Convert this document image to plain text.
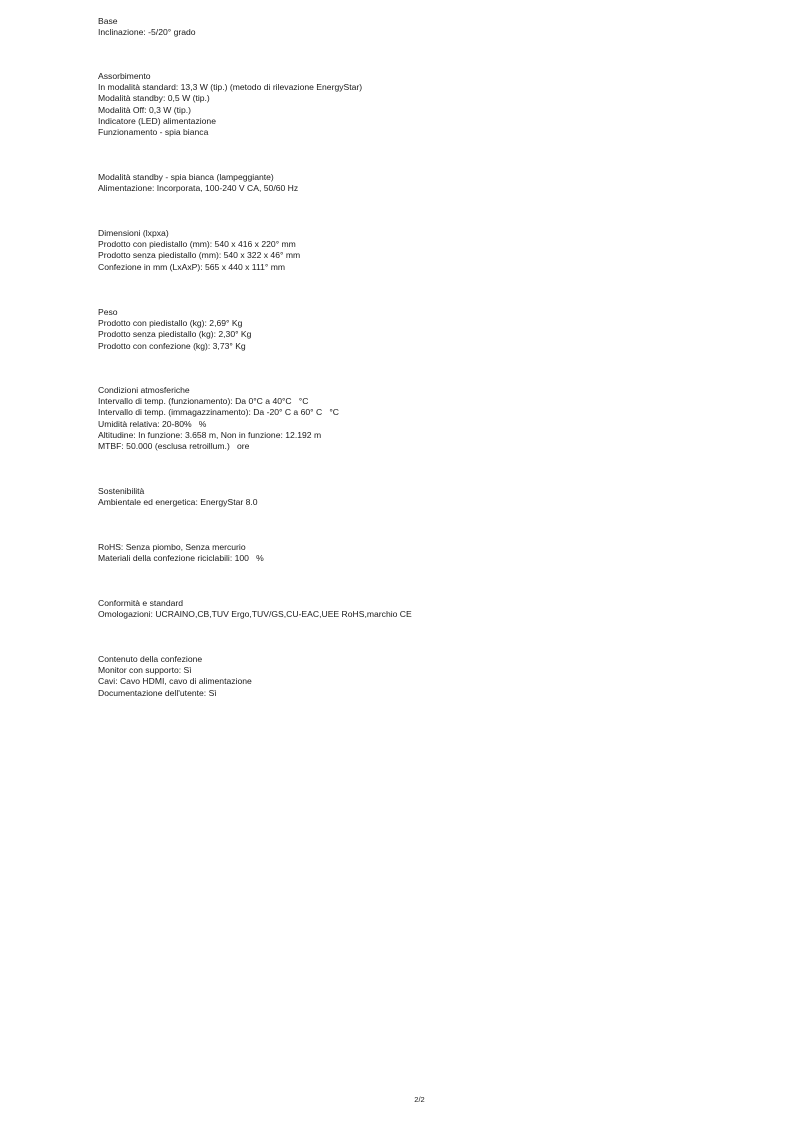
Base
Inclinazione: -5/20° grado
Assorbimento
In modalità standard: 13,3 W (tip.) (metodo di rilevazione EnergyStar)
Modalità standby: 0,5 W (tip.)
Modalità Off: 0,3 W (tip.)
Indicatore (LED) alimentazione
Funzionamento - spia bianca
Modalità standby - spia bianca (lampeggiante)
Alimentazione: Incorporata, 100-240 V CA, 50/60 Hz
Dimensioni (lxpxa)
Prodotto con piedistallo (mm): 540 x 416 x 220° mm
Prodotto senza piedistallo (mm): 540 x 322 x 46° mm
Confezione in mm (LxAxP): 565 x 440 x 111° mm
Peso
Prodotto con piedistallo (kg): 2,69° Kg
Prodotto senza piedistallo (kg): 2,30° Kg
Prodotto con confezione (kg): 3,73° Kg
Condizioni atmosferiche
Intervallo di temp. (funzionamento): Da 0°C a 40°C   °C
Intervallo di temp. (immagazzinamento): Da -20° C a 60° C   °C
Umidità relativa: 20-80%   %
Altitudine: In funzione: 3.658 m, Non in funzione: 12.192 m
MTBF: 50.000 (esclusa retroillum.)   ore
Sostenibilità
Ambientale ed energetica: EnergyStar 8.0
RoHS: Senza piombo, Senza mercurio
Materiali della confezione riciclabili: 100   %
Conformità e standard
Omologazioni: UCRAINO,CB,TUV Ergo,TUV/GS,CU-EAC,UEE RoHS,marchio CE
Contenuto della confezione
Monitor con supporto: Sì
Cavi: Cavo HDMI, cavo di alimentazione
Documentazione dell'utente: Sì
2/2
